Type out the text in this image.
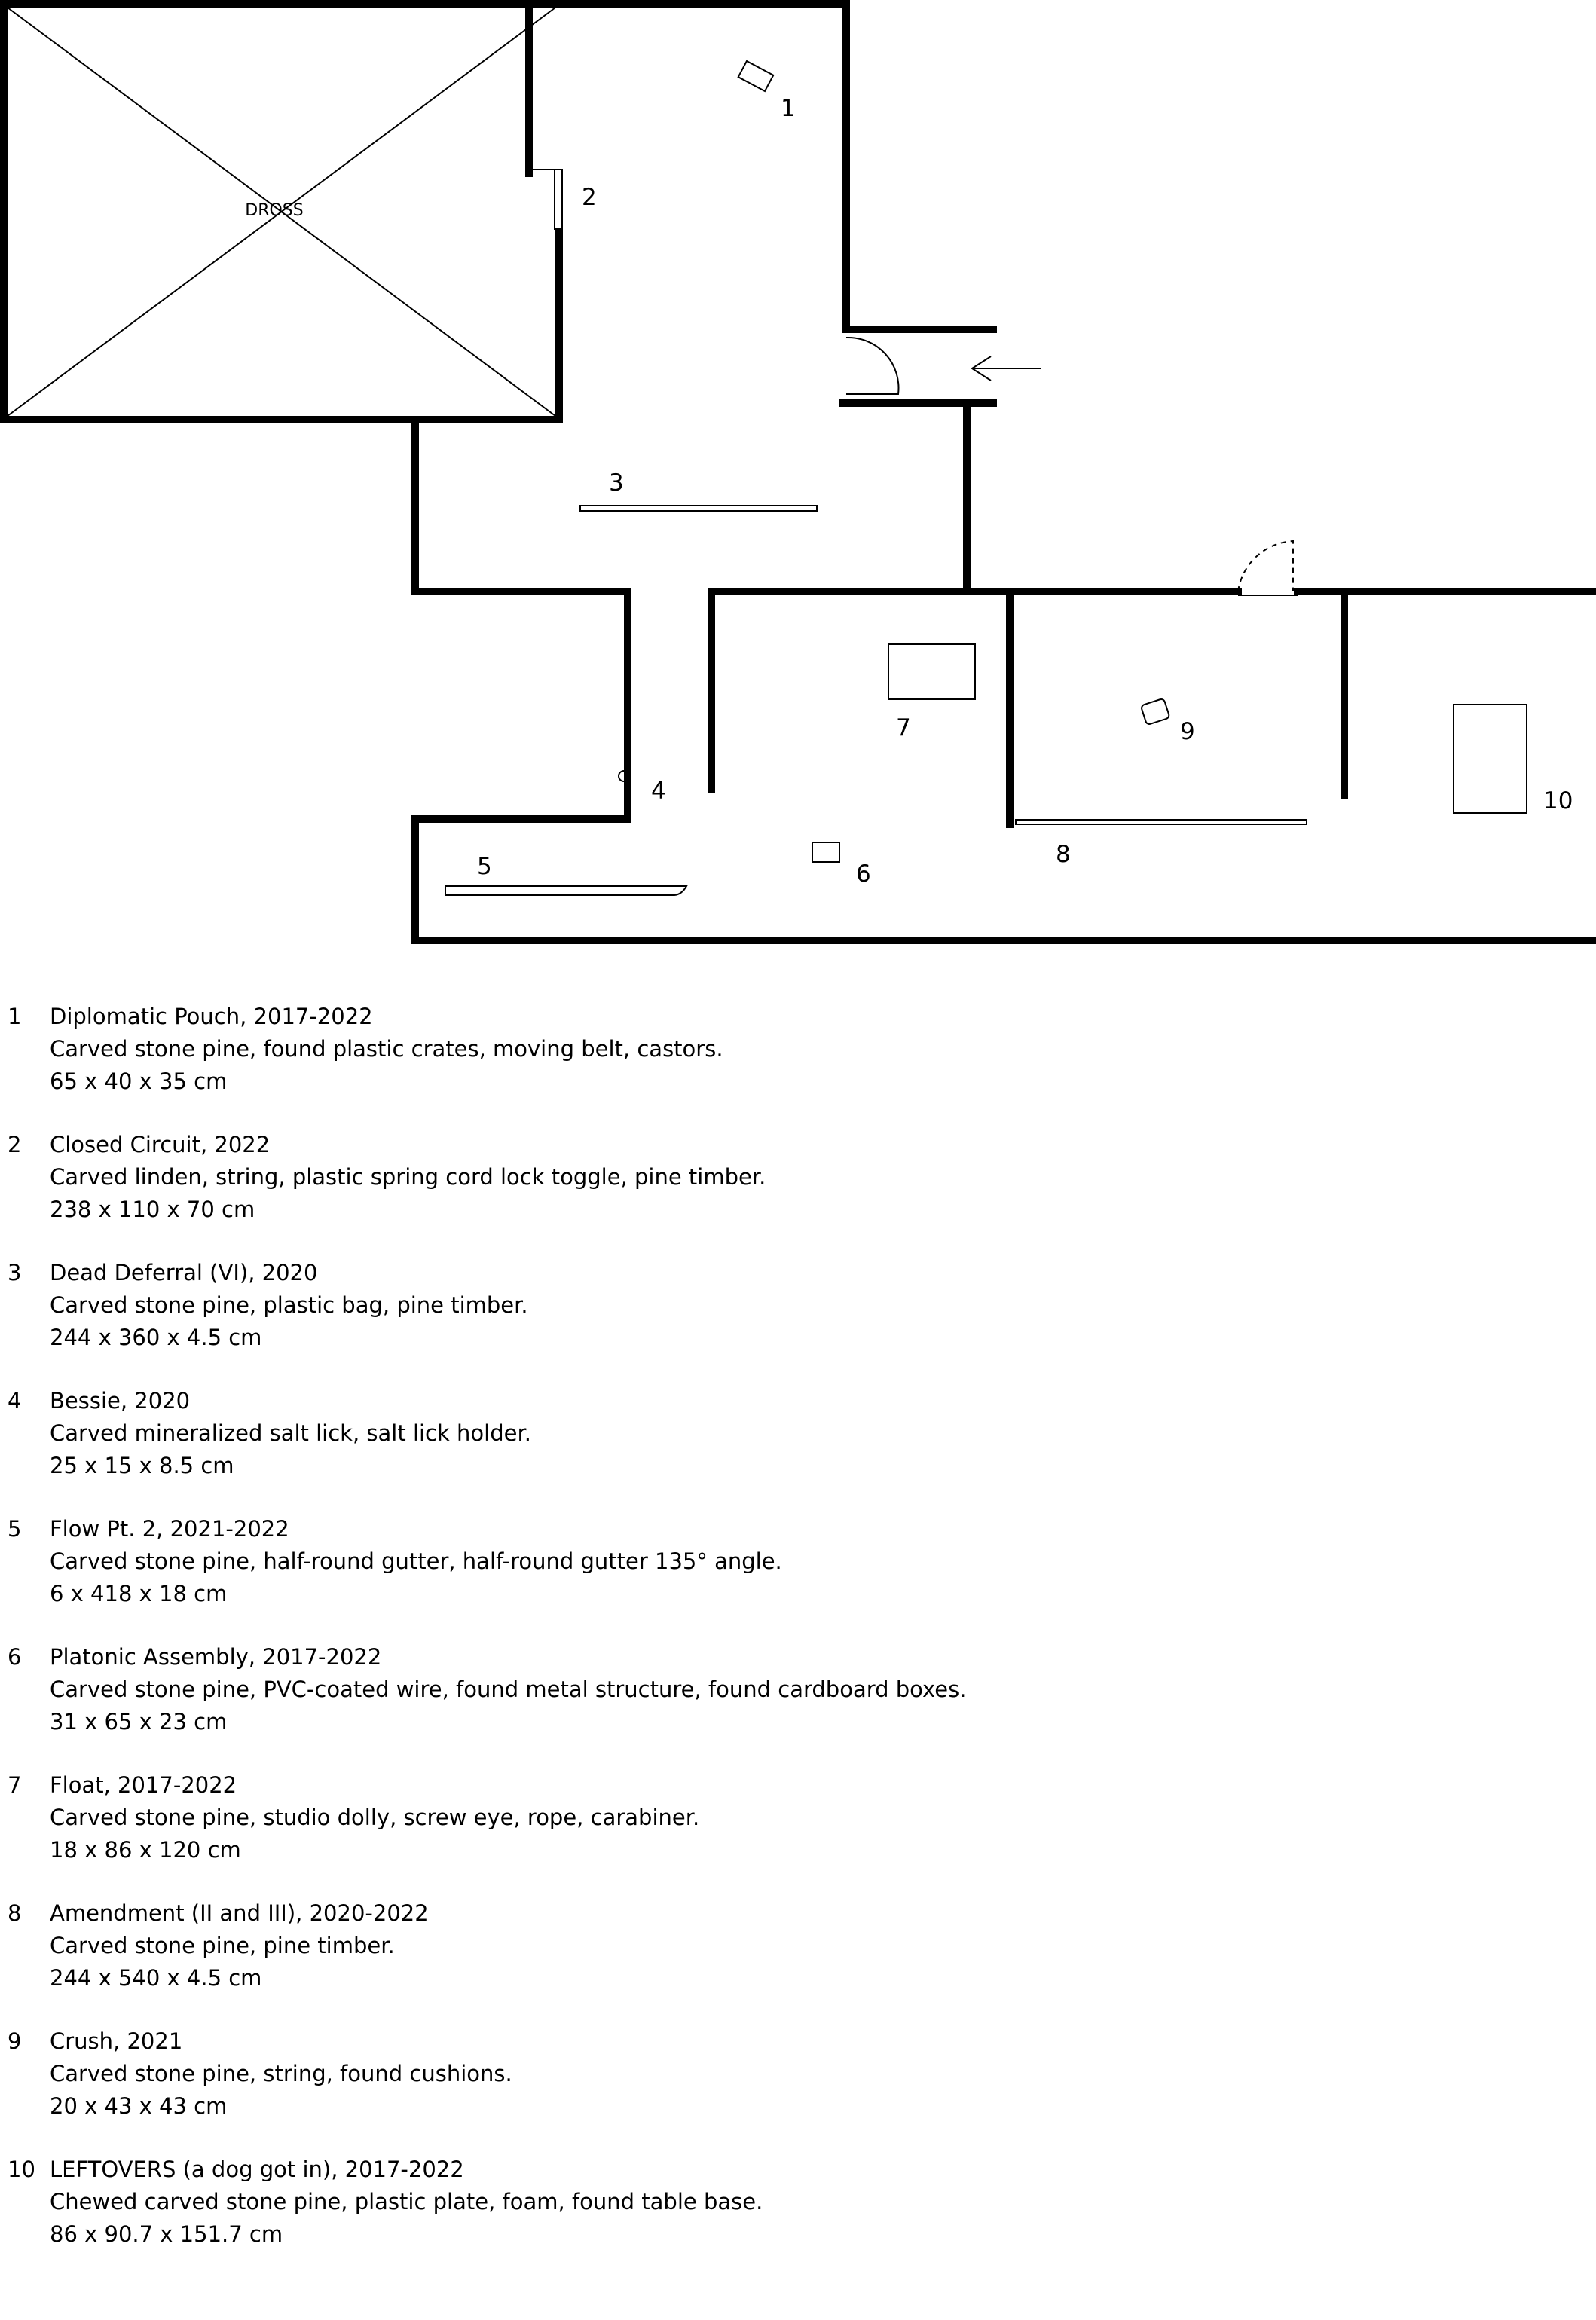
DROSS
1
2
3
4
5	6
7
8
9
10
1	Diplomatic Pouch, 2017-2022
Carved stone pine, found plastic crates, moving belt, castors.
65 x 40 x 35 cm
2	Closed Circuit, 2022
Carved linden, string, plastic spring cord lock toggle, pine timber.
238 x 110 x 70 cm
3	Dead Deferral (VI), 2020
Carved stone pine, plastic bag, pine timber.
244 x 360 x 4.5 cm
4	Bessie, 2020
Carved mineralized salt lick, salt lick holder.
25 x 15 x 8.5 cm
5	Flow Pt. 2, 2021-2022
Carved stone pine, half-round gutter, half-round gutter 135° angle.
6 x 418 x 18 cm
6	Platonic Assembly, 2017-2022
Carved stone pine, PVC-coated wire, found metal structure, found cardboard boxes.
31 x 65 x 23 cm
7	Float, 2017-2022
Carved stone pine, studio dolly, screw eye, rope, carabiner.
18 x 86 x 120 cm
8	Amendment (II and III), 2020-2022
Carved stone pine, pine timber.
244 x 540 x 4.5 cm
9	Crush, 2021
Carved stone pine, string, found cushions.
20 x 43 x 43 cm
10 LEFTOVERS (a dog got in), 2017-2022
Chewed carved stone pine, plastic plate, foam, found table base.
86 x 90.7 x 151.7 cm
